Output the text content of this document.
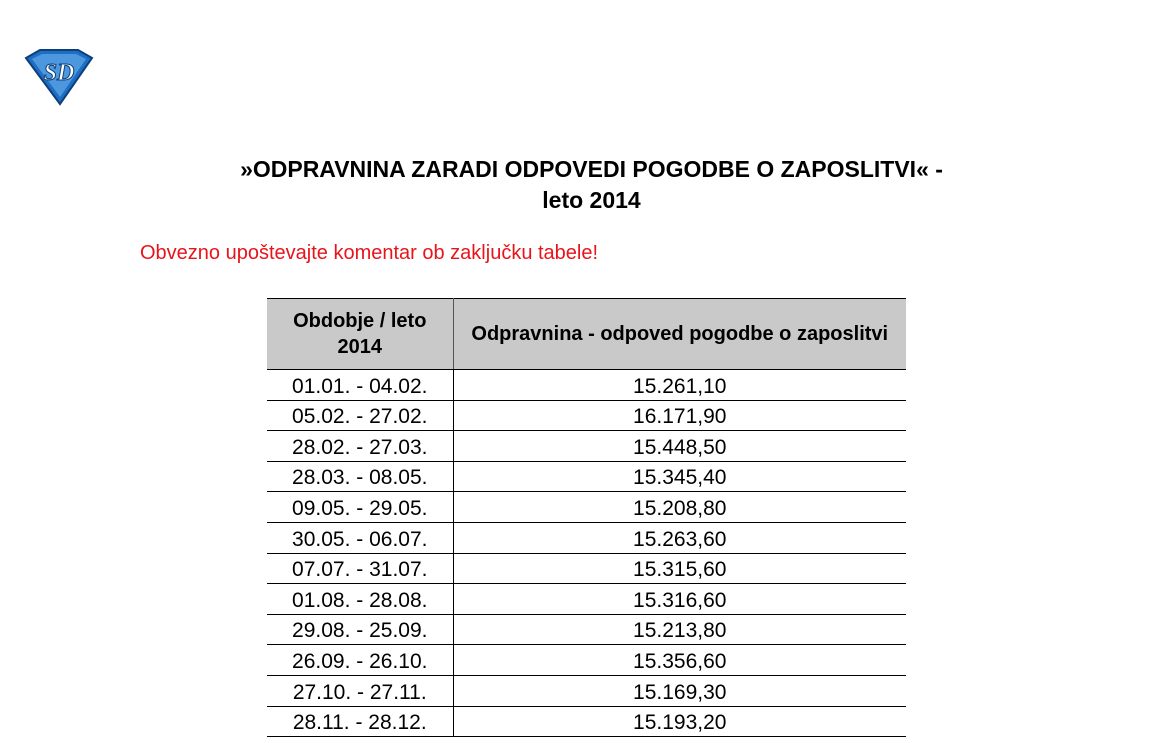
SD
»ODPRAVNINA ZARADI ODPOVEDI POGODBE O ZAPOSLITVI« -
leto 2014
Obvezno upoštevajte komentar ob zaključku tabele!
Obdobje / leto 2014	Odpravnina - odpoved pogodbe o zaposlitvi
01.01. - 04.02.	15.261,10
05.02. - 27.02.	16.171,90
28.02. - 27.03.	15.448,50
28.03. - 08.05.	15.345,40
09.05. - 29.05.	15.208,80
30.05. - 06.07.	15.263,60
07.07. - 31.07.	15.315,60
01.08. - 28.08.	15.316,60
29.08. - 25.09.	15.213,80
26.09. - 26.10.	15.356,60
27.10. - 27.11.	15.169,30
28.11. - 28.12.	15.193,20
